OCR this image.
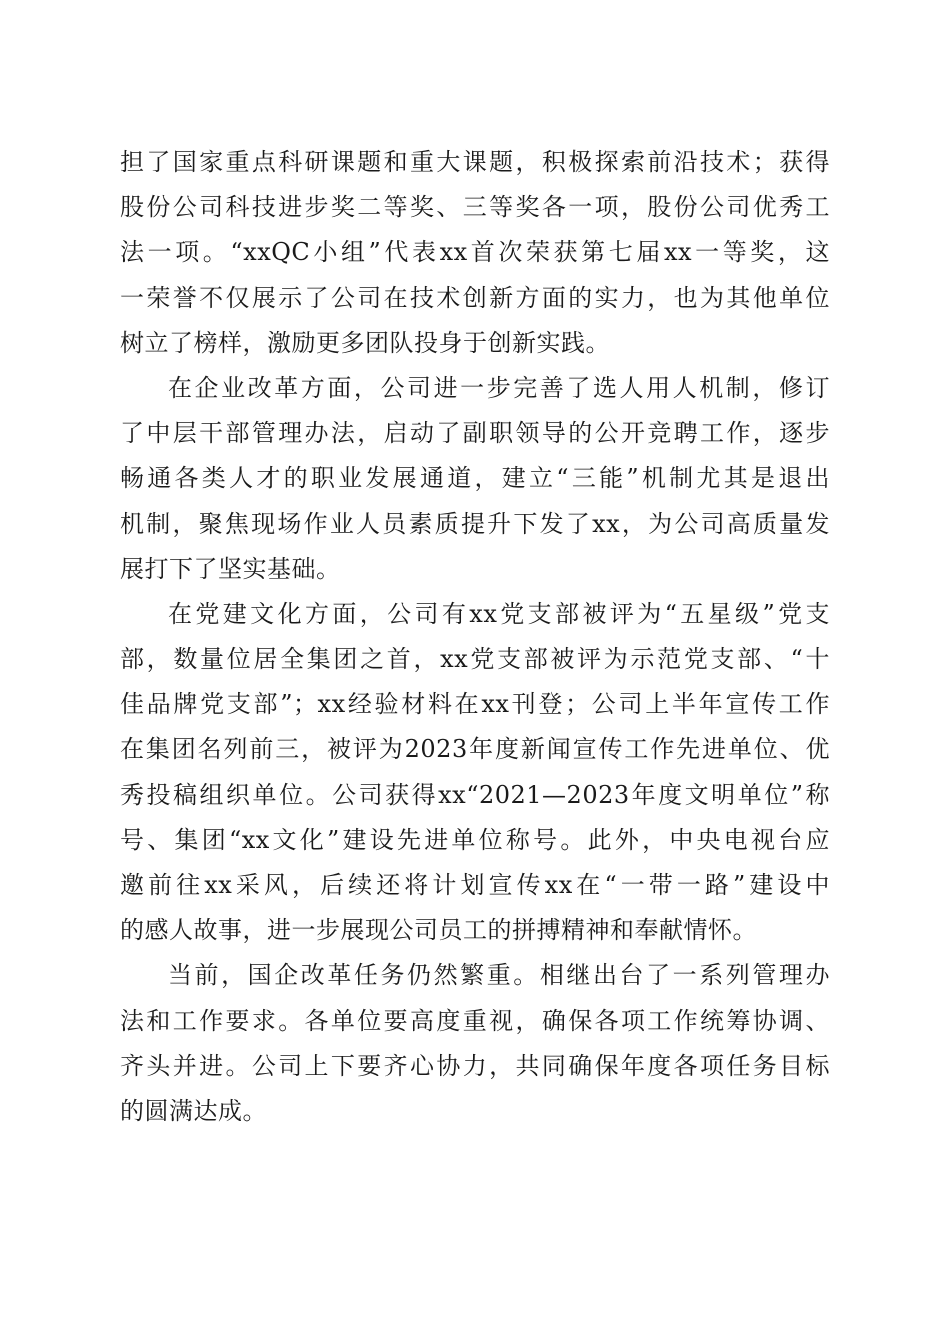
担了国家重点科研课题和重大课题，积极探索前沿技术；获得
股份公司科技进步奖二等奖、三等奖各一项，股份公司优秀工
法一项。“xxQC小组”代表xx首次荣获第七届xx一等奖，这
一荣誉不仅展示了公司在技术创新方面的实力，也为其他单位
树立了榜样，激励更多团队投身于创新实践。
在企业改革方面，公司进一步完善了选人用人机制，修订
了中层干部管理办法，启动了副职领导的公开竞聘工作，逐步
畅通各类人才的职业发展通道，建立“三能”机制尤其是退出
机制，聚焦现场作业人员素质提升下发了xx，为公司高质量发
展打下了坚实基础。
在党建文化方面，公司有xx党支部被评为“五星级”党支
部，数量位居全集团之首，xx党支部被评为示范党支部、“十
佳品牌党支部”；xx经验材料在xx刊登；公司上半年宣传工作
在集团名列前三，被评为2023年度新闻宣传工作先进单位、优
秀投稿组织单位。公司获得xx“2021—2023年度文明单位”称
号、集团“xx文化”建设先进单位称号。此外，中央电视台应
邀前往xx采风，后续还将计划宣传xx在“一带一路”建设中
的感人故事，进一步展现公司员工的拼搏精神和奉献情怀。
当前，国企改革任务仍然繁重。相继出台了一系列管理办
法和工作要求。各单位要高度重视，确保各项工作统筹协调、
齐头并进。公司上下要齐心协力，共同确保年度各项任务目标
的圆满达成。
